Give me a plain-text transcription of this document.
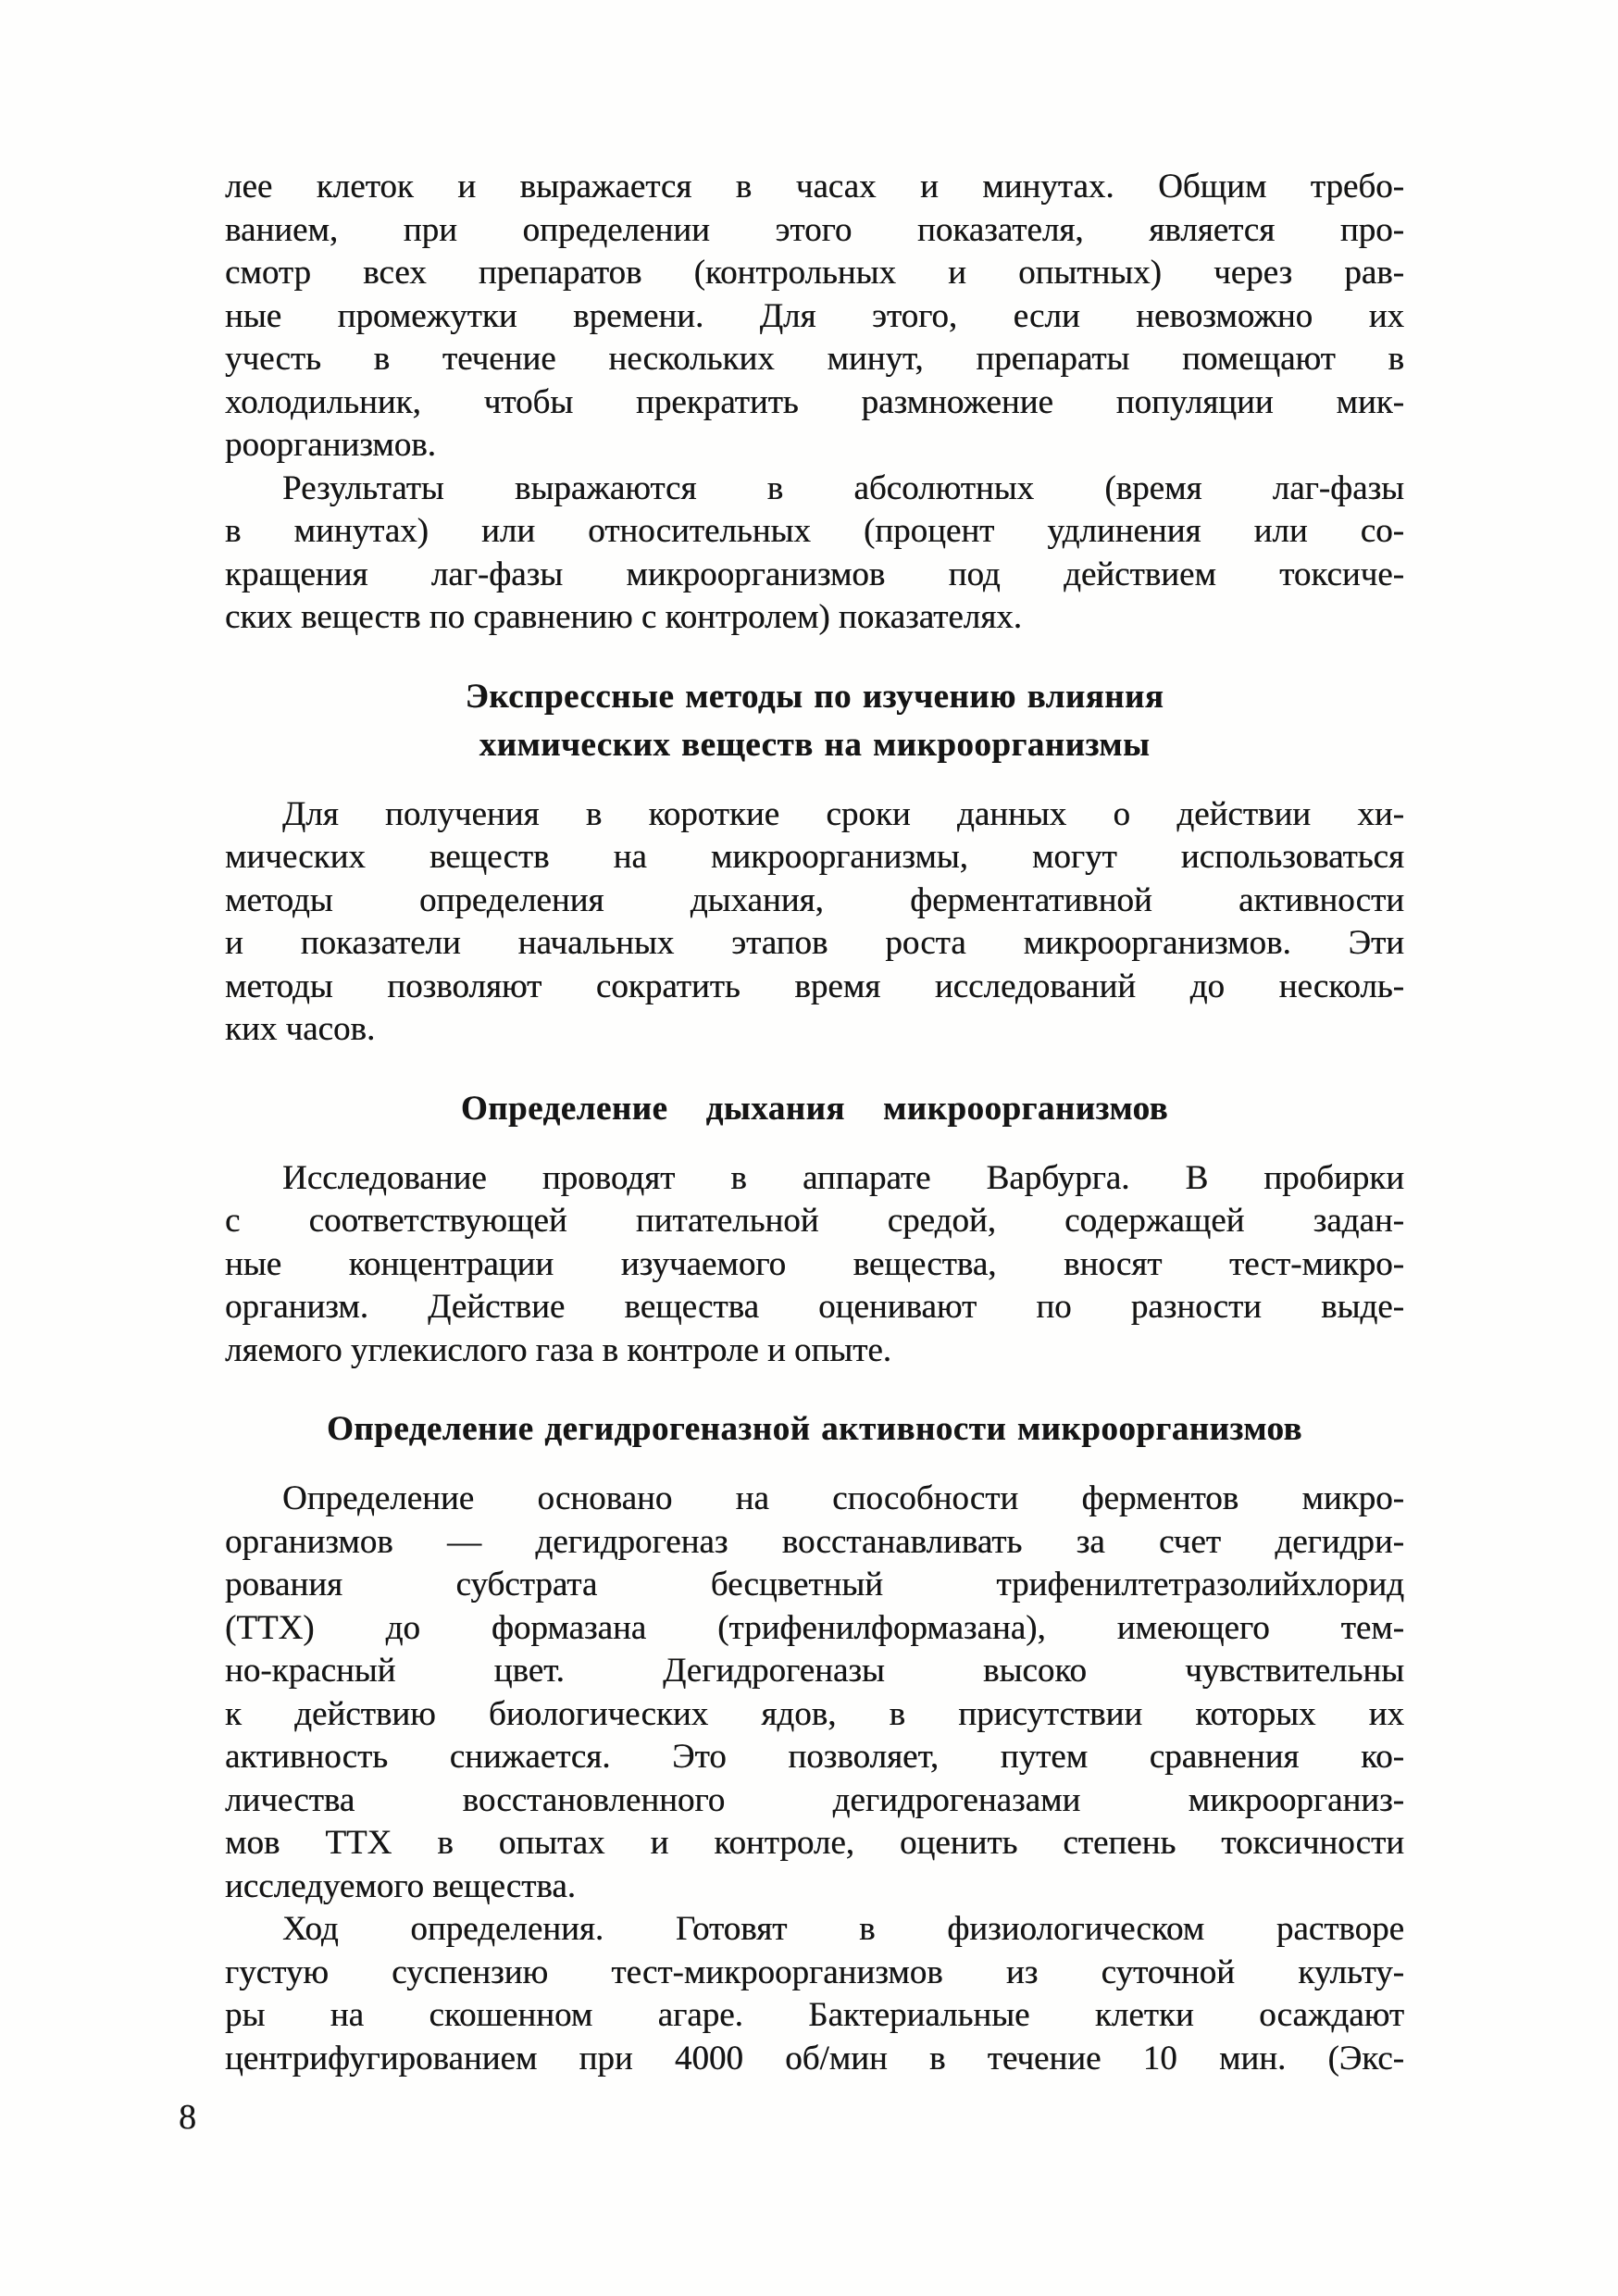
лее клеток и выражается в часах и минутах. Общим требо-
ванием, при определении этого показателя, является про-
смотр всех препаратов (контрольных и опытных) через рав-
ные промежутки времени. Для этого, если невозможно их
учесть в течение нескольких минут, препараты помещают в
холодильник, чтобы прекратить размножение популяции мик-
роорганизмов.
Результаты выражаются в абсолютных (время лаг-фазы
в минутах) или относительных (процент удлинения или со-
кращения лаг-фазы микроорганизмов под действием токсиче-
ских веществ по сравнению с контролем) показателях.
Экспрессные методы по изучению влияния
химических веществ на микроорганизмы
Для получения в короткие сроки данных о действии хи-
мических веществ на микроорганизмы, могут использоваться
методы определения дыхания, ферментативной активности
и показатели начальных этапов роста микроорганизмов. Эти
методы позволяют сократить время исследований до несколь-
ких часов.
Определение дыхания микроорганизмов
Исследование проводят в аппарате Варбурга. В пробирки
с соответствующей питательной средой, содержащей задан-
ные концентрации изучаемого вещества, вносят тест-микро-
организм. Действие вещества оценивают по разности выде-
ляемого углекислого газа в контроле и опыте.
Определение дегидрогеназной активности микроорганизмов
Определение основано на способности ферментов микро-
организмов — дегидрогеназ восстанавливать за счет дегидри-
рования субстрата бесцветный трифенилтетразолийхлорид
(ТТХ) до формазана (трифенилформазана), имеющего тем-
но-красный цвет. Дегидрогеназы высоко чувствительны
к действию биологических ядов, в присутствии которых их
активность снижается. Это позволяет, путем сравнения ко-
личества восстановленного дегидрогеназами микроорганиз-
мов ТТХ в опытах и контроле, оценить степень токсичности
исследуемого вещества.
Ход определения. Готовят в физиологическом растворе
густую суспензию тест-микроорганизмов из суточной культу-
ры на скошенном агаре. Бактериальные клетки осаждают
центрифугированием при 4000 об/мин в течение 10 мин. (Экс-
8
